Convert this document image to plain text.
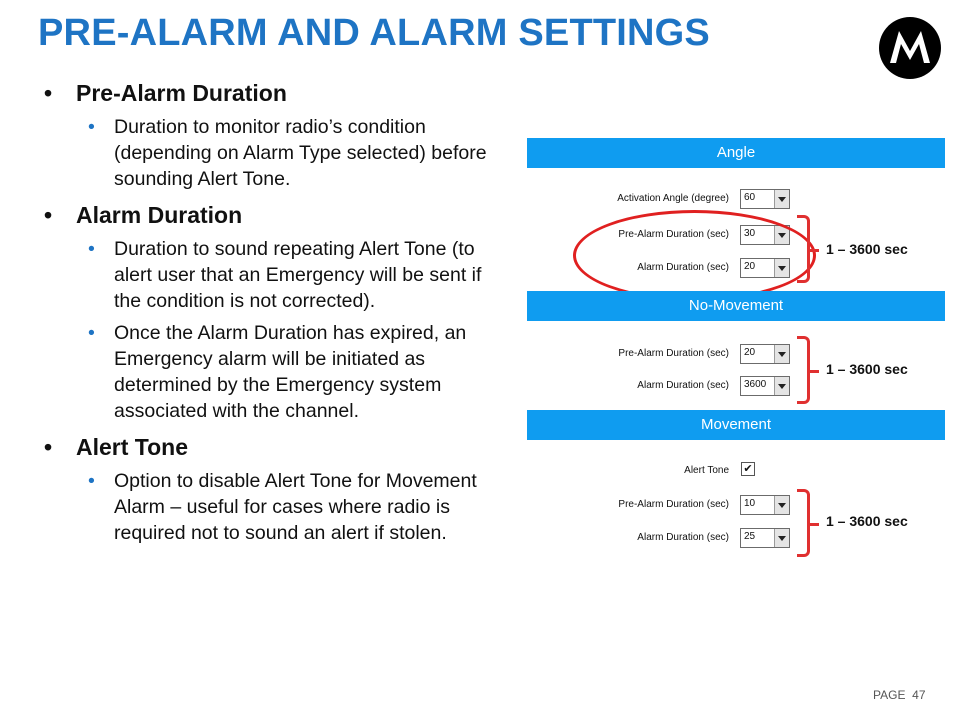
PRE-ALARM AND ALARM SETTINGS
• Pre-Alarm Duration
• Duration to monitor radio’s condition (depending on Alarm Type selected) before sounding Alert Tone.
• Alarm Duration
• Duration to sound repeating Alert Tone (to alert user that an Emergency will be sent if the condition is not corrected).
• Once the Alarm Duration has expired, an Emergency alarm will be initiated as determined by the Emergency system associated with the channel.
• Alert Tone
• Option to disable Alert Tone for Movement Alarm – useful for cases where radio is required not to sound an alert if stolen.
Angle
Activation Angle (degree) 60
Pre-Alarm Duration (sec) 30
Alarm Duration (sec) 20
1 – 3600 sec
No-Movement
Pre-Alarm Duration (sec) 20
Alarm Duration (sec) 3600
1 – 3600 sec
Movement
Alert Tone ✔
Pre-Alarm Duration (sec) 10
Alarm Duration (sec) 25
1 – 3600 sec
PAGE 47
